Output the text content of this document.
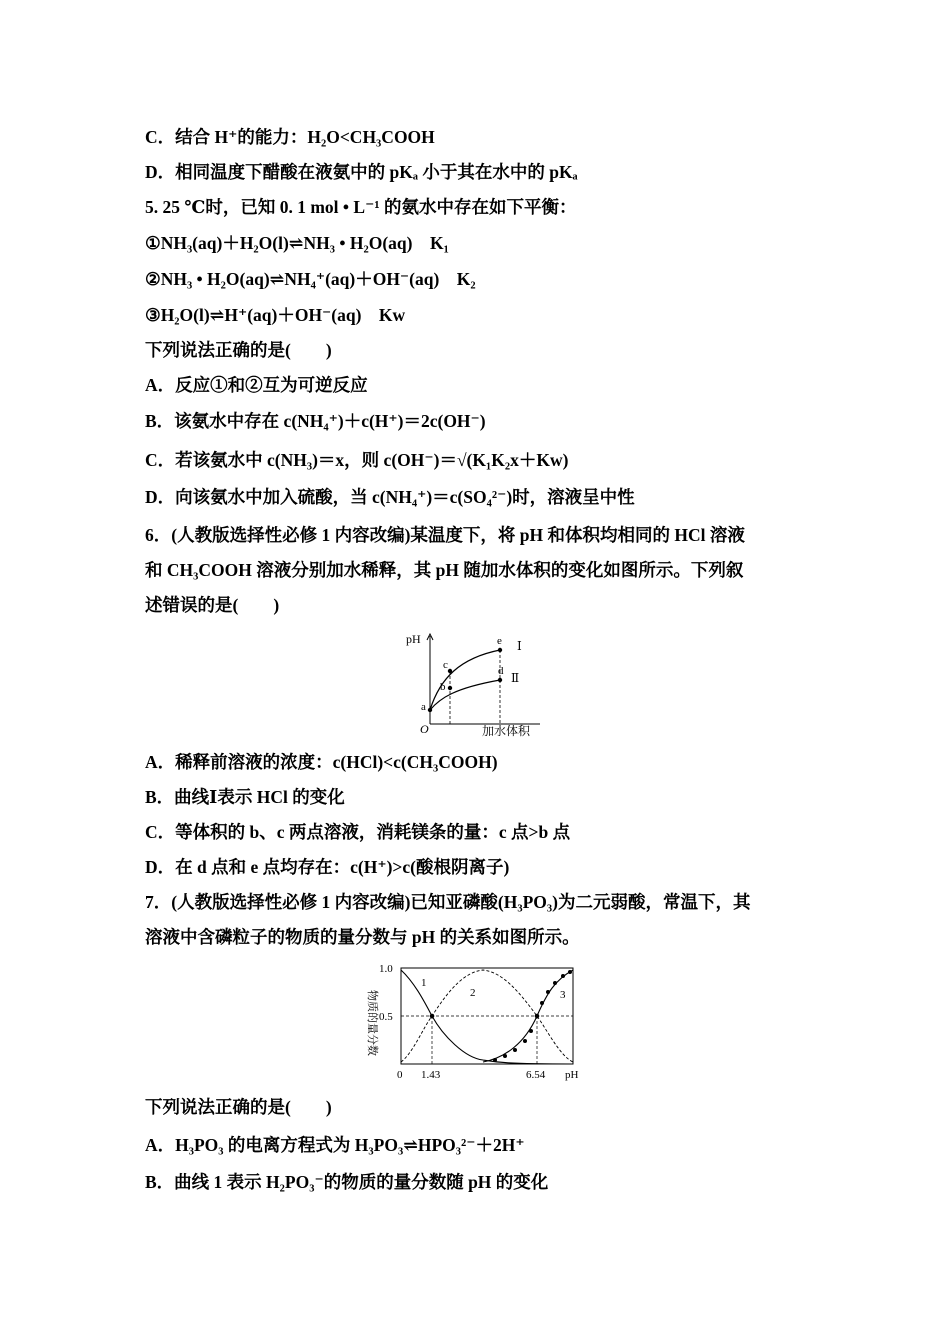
C．结合 H⁺的能力：H₂O<CH₃COOH
D．相同温度下醋酸在液氨中的 pKₐ 小于其在水中的 pKₐ
5. 25 ℃时，已知 0. 1 mol • L⁻¹ 的氨水中存在如下平衡：
①NH₃(aq)＋H₂O(l)⇌NH₃ • H₂O(aq)　K₁
②NH₃ • H₂O(aq)⇌NH₄⁺(aq)＋OH⁻(aq)　K₂
③H₂O(l)⇌H⁺(aq)＋OH⁻(aq)　Kw
下列说法正确的是(　　)
A．反应①和②互为可逆反应
B．该氨水中存在 c(NH₄⁺)＋c(H⁺)＝2c(OH⁻)
C．若该氨水中 c(NH₃)＝x，则 c(OH⁻)＝√(K₁K₂x＋Kw)
D．向该氨水中加入硫酸，当 c(NH₄⁺)＝c(SO₄²⁻)时，溶液呈中性
6．(人教版选择性必修 1 内容改编)某温度下，将 pH 和体积均相同的 HCl 溶液
和 CH₃COOH 溶液分别加水稀释，其 pH 随加水体积的变化如图所示。下列叙
述错误的是(　　)
pH
O	加水体积
a
b
c	d
e Ⅰ
Ⅱ
A．稀释前溶液的浓度：c(HCl)<c(CH₃COOH)
B．曲线Ⅰ表示 HCl 的变化
C．等体积的 b、c 两点溶液，消耗镁条的量：c 点>b 点
D．在 d 点和 e 点均存在：c(H⁺)>c(酸根阴离子)
7．(人教版选择性必修 1 内容改编)已知亚磷酸(H₃PO₃)为二元弱酸，常温下，其
溶液中含磷粒子的物质的量分数与 pH 的关系如图所示。
物质的量分数
1.0
0.5
0 1.43	6.54 pH
1
2	3
下列说法正确的是(　　)
A．H₃PO₃ 的电离方程式为 H₃PO₃⇌HPO₃²⁻＋2H⁺
B．曲线 1 表示 H₂PO₃⁻的物质的量分数随 pH 的变化
